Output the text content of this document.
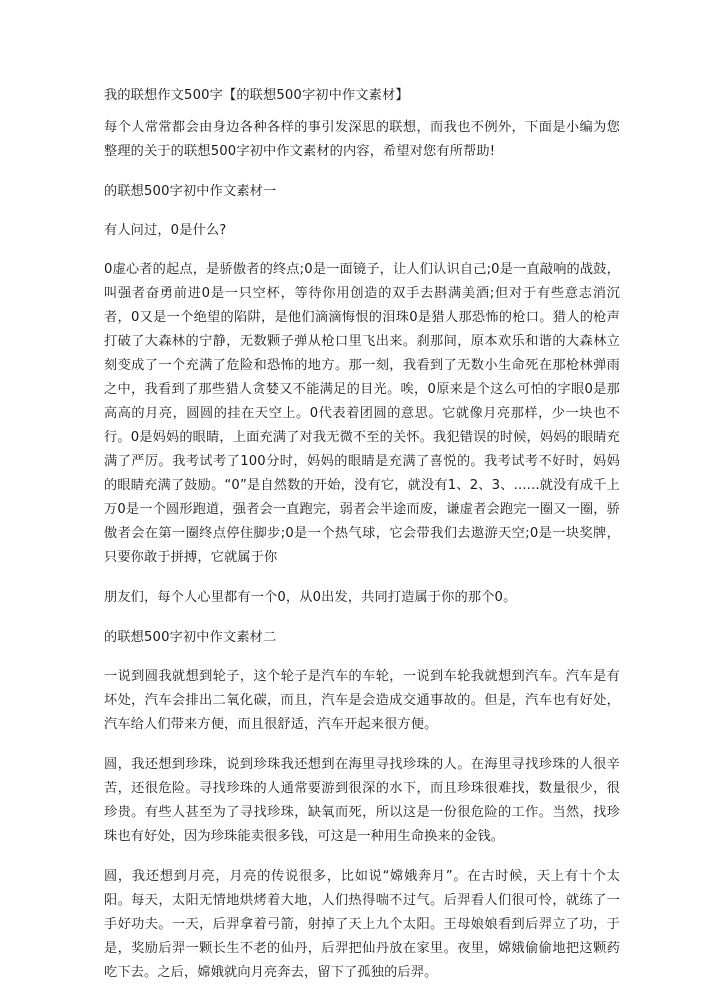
我的联想作文500字【的联想500字初中作文素材】

每个人常常都会由身边各种各样的事引发深思的联想，而我也不例外，下面是小编为您整理的关于的联想500字初中作文素材的内容，希望对您有所帮助!

的联想500字初中作文素材一

有人问过，0是什么?

0虚心者的起点，是骄傲者的终点;0是一面镜子，让人们认识自己;0是一直敲响的战鼓，叫强者奋勇前进0是一只空杯，等待你用创造的双手去斟满美酒;但对于有些意志消沉者，0又是一个绝望的陷阱，是他们滴滴悔恨的泪珠0是猎人那恐怖的枪口。猎人的枪声打破了大森林的宁静，无数颗子弹从枪口里飞出来。刹那间，原本欢乐和谐的大森林立刻变成了一个充满了危险和恐怖的地方。那一刻，我看到了无数小生命死在那枪林弹雨之中，我看到了那些猎人贪婪又不能满足的目光。唉，0原来是个这么可怕的字眼0是那高高的月亮，圆圆的挂在天空上。0代表着团圆的意思。它就像月亮那样，少一块也不行。0是妈妈的眼睛，上面充满了对我无微不至的关怀。我犯错误的时候，妈妈的眼睛充满了严厉。我考试考了100分时，妈妈的眼睛是充满了喜悦的。我考试考不好时，妈妈的眼睛充满了鼓励。“0”是自然数的开始，没有它，就没有1、2、3、......就没有成千上万0是一个圆形跑道，强者会一直跑完，弱者会半途而废，谦虚者会跑完一圈又一圈，骄傲者会在第一圈终点停住脚步;0是一个热气球，它会带我们去遨游天空;0是一块奖牌，只要你敢于拼搏，它就属于你

朋友们，每个人心里都有一个0，从0出发，共同打造属于你的那个0。

的联想500字初中作文素材二

一说到圆我就想到轮子，这个轮子是汽车的车轮，一说到车轮我就想到汽车。汽车是有坏处，汽车会排出二氧化碳，而且，汽车是会造成交通事故的。但是，汽车也有好处，汽车给人们带来方便，而且很舒适，汽车开起来很方便。

圆，我还想到珍珠，说到珍珠我还想到在海里寻找珍珠的人。在海里寻找珍珠的人很辛苦，还很危险。寻找珍珠的人通常要游到很深的水下，而且珍珠很难找，数量很少，很珍贵。有些人甚至为了寻找珍珠，缺氧而死，所以这是一份很危险的工作。当然，找珍珠也有好处，因为珍珠能卖很多钱，可这是一种用生命换来的金钱。

圆，我还想到月亮，月亮的传说很多，比如说“嫦娥奔月”。在古时候，天上有十个太阳。每天，太阳无情地烘烤着大地，人们热得喘不过气。后羿看人们很可怜，就练了一手好功夫。一天，后羿拿着弓箭，射掉了天上九个太阳。王母娘娘看到后羿立了功，于是，奖励后羿一颗长生不老的仙丹，后羿把仙丹放在家里。夜里，嫦娥偷偷地把这颗药吃下去。之后，嫦娥就向月亮奔去，留下了孤独的后羿。
